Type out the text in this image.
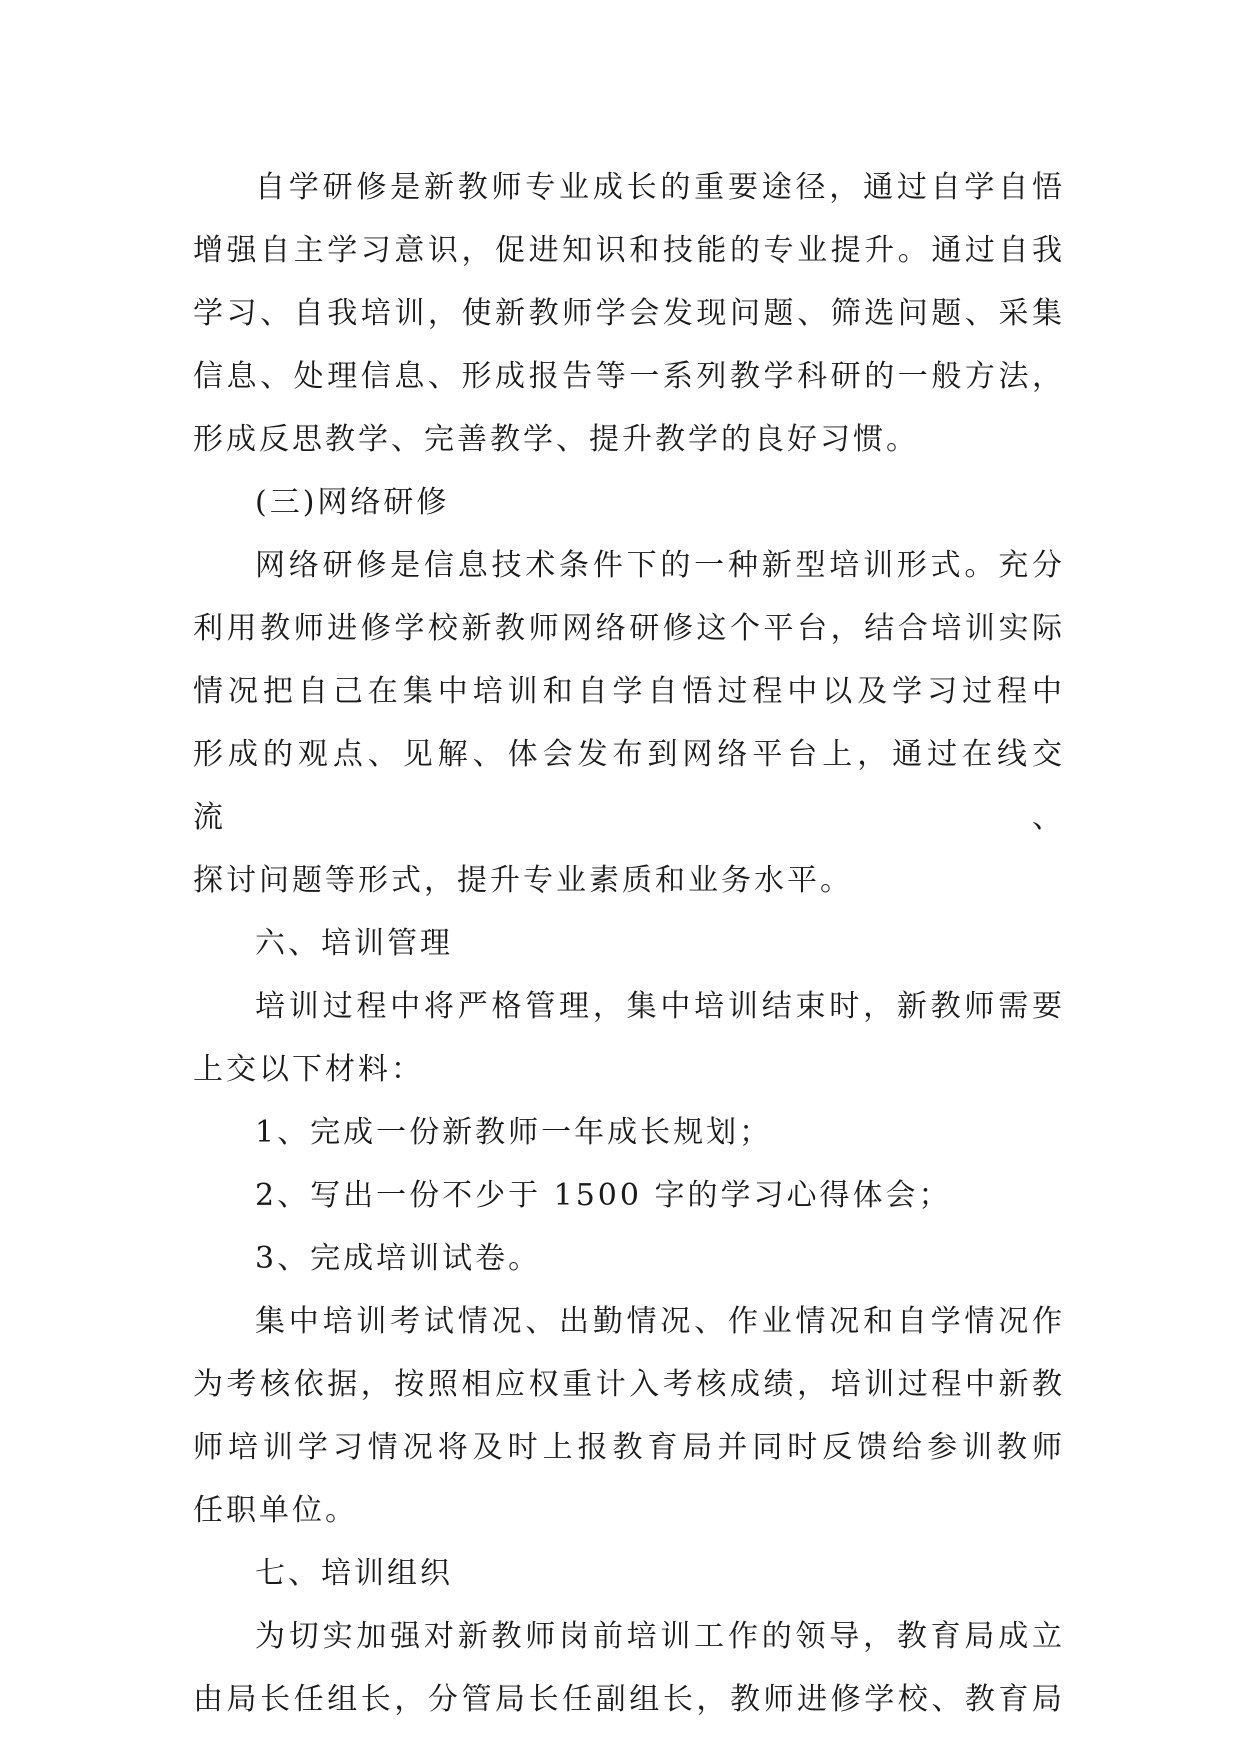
自学研修是新教师专业成长的重要途径，通过自学自悟
增强自主学习意识，促进知识和技能的专业提升。通过自我
学习、自我培训，使新教师学会发现问题、筛选问题、采集
信息、处理信息、形成报告等一系列教学科研的一般方法，
形成反思教学、完善教学、提升教学的良好习惯。
(三)网络研修
网络研修是信息技术条件下的一种新型培训形式。充分
利用教师进修学校新教师网络研修这个平台，结合培训实际
情况把自己在集中培训和自学自悟过程中以及学习过程中
形成的观点、见解、体会发布到网络平台上，通过在线交流、
探讨问题等形式，提升专业素质和业务水平。
六、培训管理
培训过程中将严格管理，集中培训结束时，新教师需要
上交以下材料：
1、完成一份新教师一年成长规划；
2、写出一份不少于 1500 字的学习心得体会；
3、完成培训试卷。
集中培训考试情况、出勤情况、作业情况和自学情况作
为考核依据，按照相应权重计入考核成绩，培训过程中新教
师培训学习情况将及时上报教育局并同时反馈给参训教师
任职单位。
七、培训组织
为切实加强对新教师岗前培训工作的领导，教育局成立
由局长任组长，分管局长任副组长，教师进修学校、教育局
